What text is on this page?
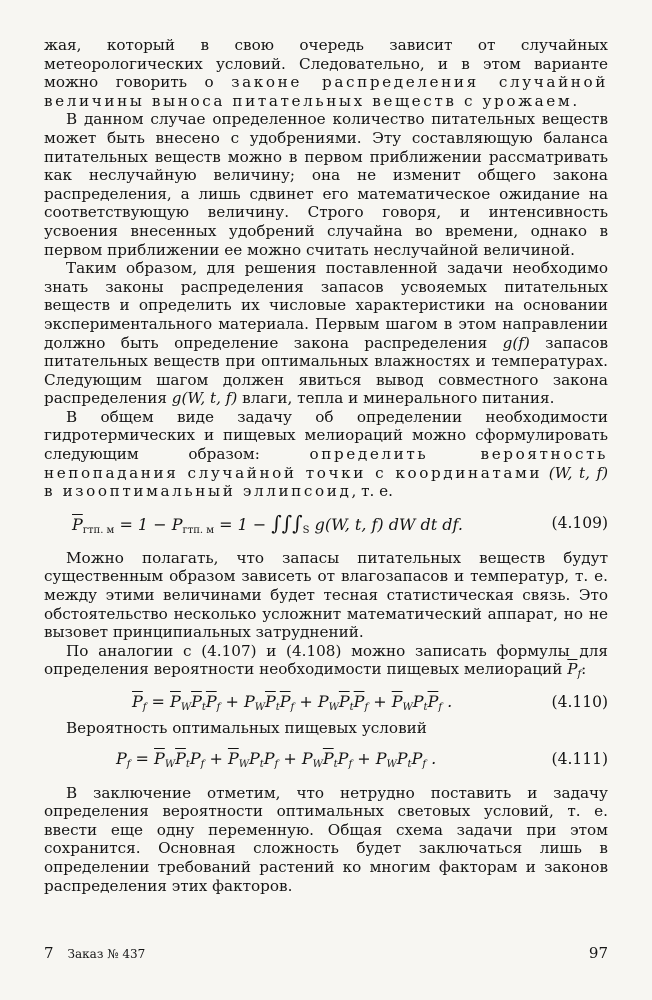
жая, который в свою очередь зависит от случайных метеорологических условий. Следовательно, и в этом варианте можно говорить о законе распределения случайной величины выноса питательных веществ с урожаем.

В данном случае определенное количество питательных веществ может быть внесено с удобрениями. Эту составляющую баланса питательных веществ можно в первом приближении рассматривать как неслучайную величину; она не изменит общего закона распределения, а лишь сдвинет его математическое ожидание на соответствующую величину. Строго говоря, и интенсивность усвоения внесенных удобрений случайна во времени, однако в первом приближении ее можно считать неслучайной величиной.

Таким образом, для решения поставленной задачи необходимо знать законы распределения запасов усвояемых питательных веществ и определить их числовые характеристики на основании экспериментального материала. Первым шагом в этом направлении должно быть определение закона распределения g(f) запасов питательных веществ при оптимальных влажностях и температурах. Следующим шагом должен явиться вывод совместного закона распределения g(W, t, f) влаги, тепла и минерального питания.

В общем виде задачу об определении необходимости гидротермических и пищевых мелиораций можно сформулировать следующим образом: определить вероятность непопадания случайной точки с координатами (W, t, f) в изооптимальный эллипсоид, т. е.

$\overline{P}_{гтп. м} = 1 - P_{гтп. м} = 1 - \int\int\int_S$ g(W, t, f) dW dt df.	(4.109)

Можно полагать, что запасы питательных веществ будут существенным образом зависеть от влагозапасов и температур, т. е. между этими величинами будет тесная статистическая связь. Это обстоятельство несколько усложнит математический аппарат, но не вызовет принципиальных затруднений.

По аналогии с (4.107) и (4.108) можно записать формулы для определения вероятности необходимости пищевых мелиораций $\overline{P}f$:

$\overline{P}f = \overline{P}W\overline{P}t\overline{P}f + PW\overline{P}t\overline{P}f + PW\overline{P}t\overline{P}f + \overline{P}WPt\overline{P}f$ .	(4.110)

Вероятность оптимальных пищевых условий

$Pf = \overline{P}W\overline{P}tPf$ + $\overline{P}WPtPf + PW\overline{P}tPf$ + PWPtPf .	(4.111)

В заключение отметим, что нетрудно поставить и задачу определения вероятности оптимальных световых условий, т. е. ввести еще одну переменную. Общая схема задачи при этом сохранится. Основная сложность будет заключаться лишь в определении требований растений ко многим факторам и законов распределения этих факторов.

7 Заказ № 437	97
